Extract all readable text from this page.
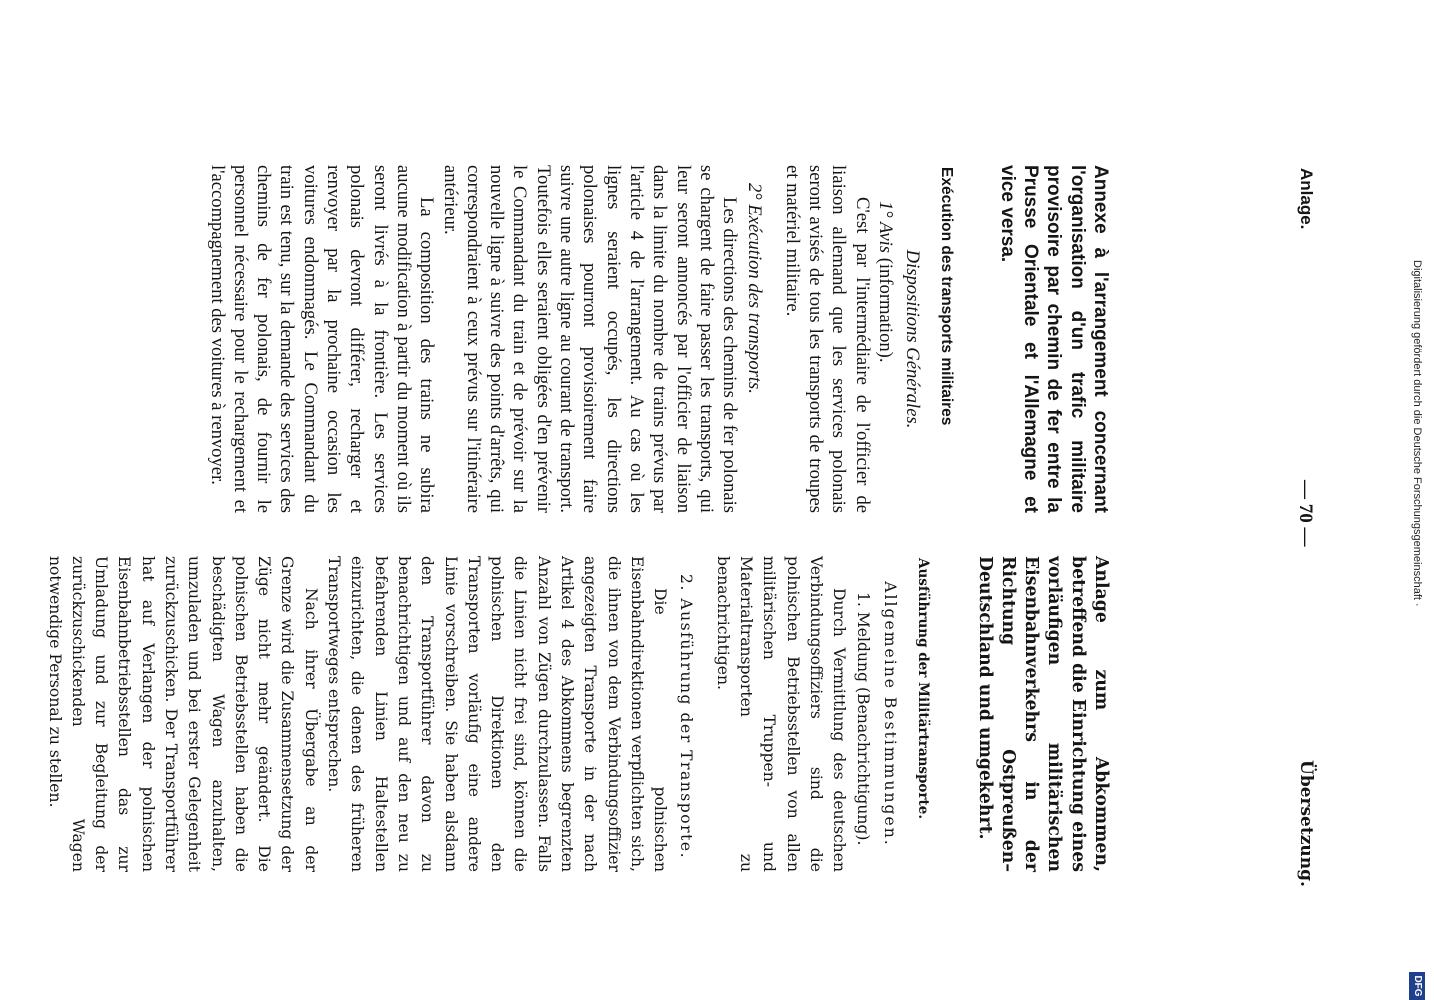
Anlage.
— 70 —
Übersetzung.

Annexe à l'arrangement concernant l'organisation d'un trafic militaire provisoire par chemin de fer entre la Prusse Orientale et l'Allemagne et vice versa.

Exécution des transports militaires
Dispositions Générales.
1° Avis (information).

C'est par l'intermédiaire de l'officier de liaison allemand que les services polonais seront avisés de tous les transports de troupes et matériel militaire.

2° Exécution des transports.

Les directions des chemins de fer polonais se chargent de faire passer les transports, qui leur seront annoncés par l'officier de liaison dans la limite du nombre de trains prévus par l'article 4 de l'arrangement. Au cas où les lignes seraient occupés, les directions polonaises pourront provisoirement faire suivre une autre ligne au courant de transport. Toutefois elles seraient obligées d'en prévenir le Commandant du train et de prévoir sur la nouvelle ligne à suivre des points d'arrêts, qui correspondraient à ceux prévus sur l'itinéraire antérieur.

La composition des trains ne subira aucune modification à partir du moment où ils seront livrés à la frontière. Les services polonais devront différer, recharger et renvoyer par la prochaine occasion les voitures endommagés. Le Commandant du train est tenu, sur la demande des services des chemins de fer polonais, de fournir le personnel nécessaire pour le rechargement et l'accompagnement des voitures à renvoyer.

Anlage zum Abkommen, betreffend die Einrichtung eines vorläufigen militärischen Eisenbahnverkehrs in der Richtung Ostpreußen–Deutschland und umgekehrt.

Ausführung der Militärtransporte.
Allgemeine Bestimmungen.
1. Meldung (Benachrichtigung).

Durch Vermittlung des deutschen Verbindungsoffiziers sind die polnischen Betriebsstellen von allen militärischen Truppen- und Materialtransporten zu benachrichtigen.

2. Ausführung der Transporte.

Die polnischen Eisenbahndirektionen verpflichten sich, die ihnen von dem Verbindungsoffizier angezeigten Transporte in der nach Artikel 4 des Abkommens begrenzten Anzahl von Zügen durchzulassen. Falls die Linien nicht frei sind, können die polnischen Direktionen den Transporten vorläufig eine andere Linie vorschreiben. Sie haben alsdann den Transportführer davon zu benachrichtigen und auf den neu zu befahrenden Linien Haltestellen einzurichten, die denen des früheren Transportweges entsprechen.

Nach ihrer Übergabe an der Grenze wird die Zusammensetzung der Züge nicht mehr geändert. Die polnischen Betriebsstellen haben die beschädigten Wagen anzuhalten, umzuladen und bei erster Gelegenheit zurückzuschicken. Der Transportführer hat auf Verlangen der polnischen Eisenbahnbetriebsstellen das zur Umladung und zur Begleitung der zurückzuschickenden Wagen notwendige Personal zu stellen.

Digitalisierung gefördert durch die Deutsche Forschungsgemeinschaft ·
DFG
